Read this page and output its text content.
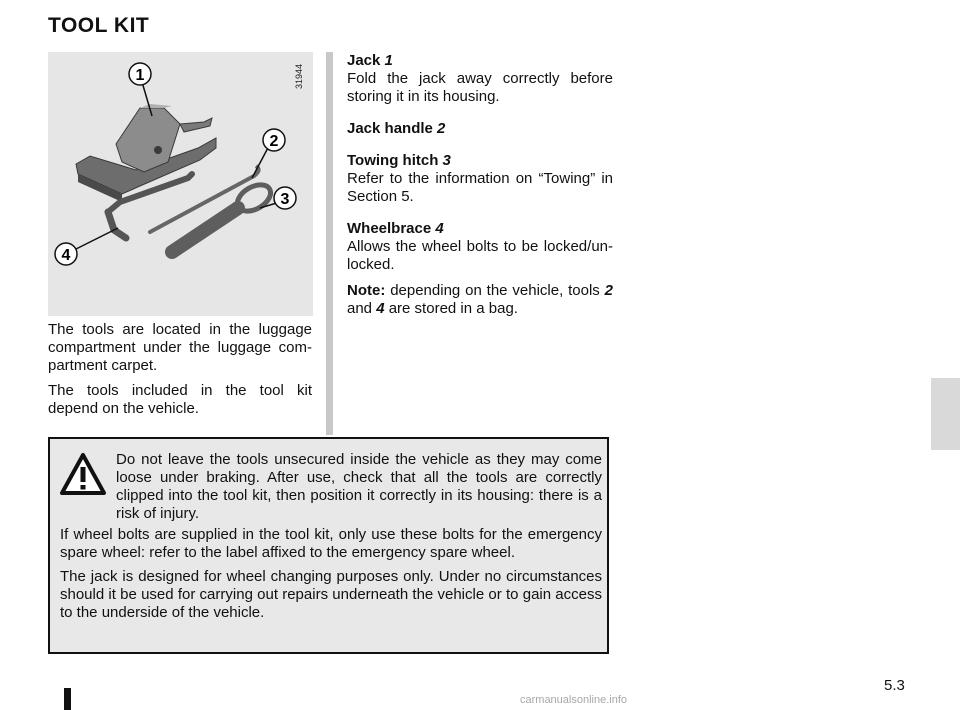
TOOL KIT
1
2
3
4
31944

The tools are located in the luggage compartment under the luggage com- partment carpet.

The tools included in the tool kit depend on the vehicle.

Jack 1
Fold the jack away correctly before storing it in its housing.
Jack handle 2
Towing hitch 3
Refer to the information on “Towing” in Section 5.
Wheelbrace 4
Allows the wheel bolts to be locked/un- locked.
Note: depending on the vehicle, tools 2 and 4 are stored in a bag.

Do not leave the tools unsecured inside the vehicle as they may come loose under braking. After use, check that all the tools are correctly clipped into the tool kit, then position it correctly in its housing: there is a risk of injury.

If wheel bolts are supplied in the tool kit, only use these bolts for the emergency spare wheel: refer to the label affixed to the emergency spare wheel.

The jack is designed for wheel changing purposes only. Under no circumstances should it be used for carrying out repairs underneath the vehicle or to gain access to the underside of the vehicle.

5.3
carmanualsonline.info
